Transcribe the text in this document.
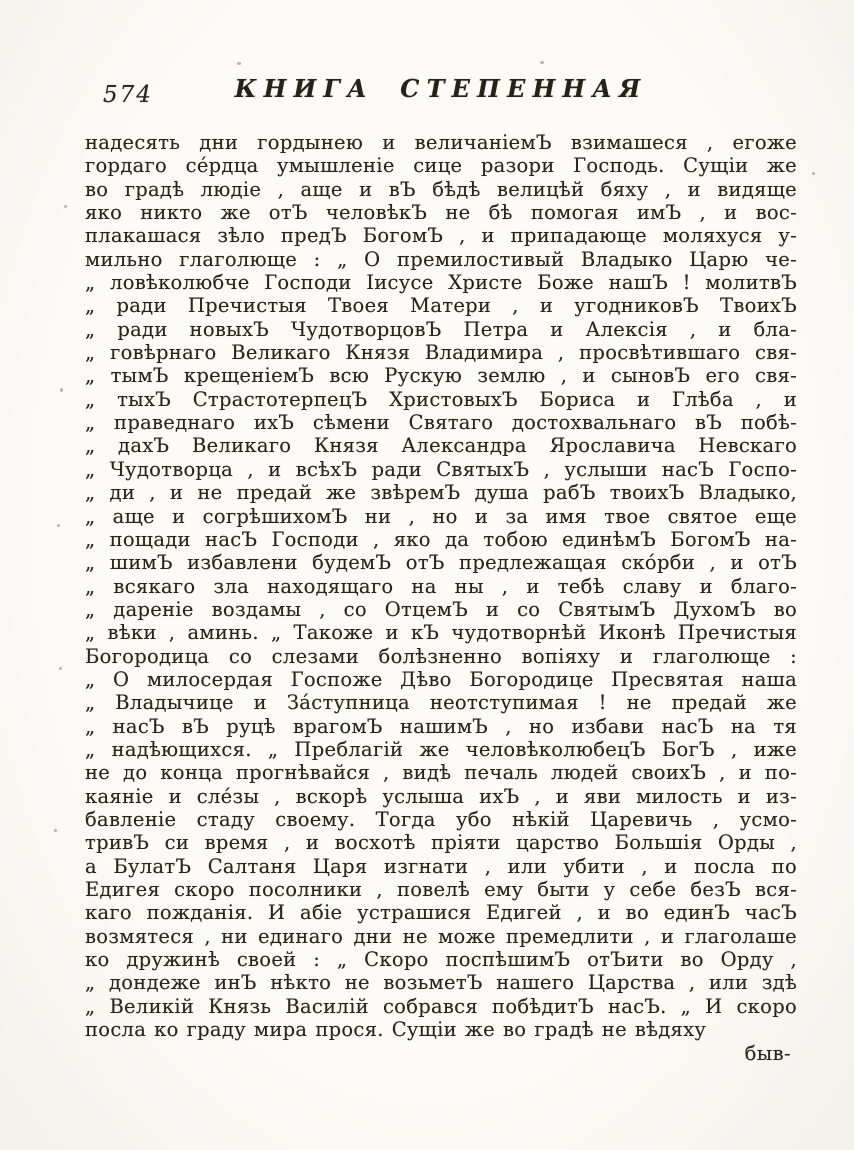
574	КНИГА СТЕПЕННАЯ
надесять дни гордынею и величаніемЪ взимашеся , егоже
гордаго се́рдца умышленіе сице разори Господь. Сущіи же
во градѣ людіе , аще и вЪ бѣдѣ велицѣй бяху , и видяще
яко никто же отЪ человѣкЪ не бѣ помогая имЪ , и вос-
плакашася зѣло предЪ БогомЪ , и припадающе моляхуся у-
мильно глаголюще : „ О премилостивый Владыко Царю че-
„ ловѣколюбче Господи Іисусе Христе Боже нашЪ ! молитвЪ
„ ради Пречистыя Твоея Матери , и угодниковЪ ТвоихЪ
„ ради новыхЪ ЧудотворцовЪ Петра и Алексія , и бла-
„ говѣрнаго Великаго Князя Владимира , просвѣтившаго свя-
„ тымЪ крещеніемЪ всю Рускую землю , и сыновЪ его свя-
„ тыхЪ СтрастотерпецЪ ХристовыхЪ Бориса и Глѣба , и
„ праведнаго ихЪ сѣмени Святаго достохвальнаго вЪ побѣ-
„ дахЪ Великаго Князя Александра Ярославича Невскаго
„ Чудотворца , и всѣхЪ ради СвятыхЪ , услыши насЪ Госпо-
„ ди , и не предай же звѣремЪ душа рабЪ твоихЪ Владыко,
„ аще и согрѣшихомЪ ни , но и за имя твое святое еще
„ пощади насЪ Господи , яко да тобою единѣмЪ БогомЪ на-
„ шимЪ избавлени будемЪ отЪ предлежащая ско́рби , и отЪ
„ всякаго зла находящаго на ны , и тебѣ славу и благо-
„ дареніе воздамы , со ОтцемЪ и со СвятымЪ ДухомЪ во
„ вѣки , аминь. „ Такоже и кЪ чудотворнѣй Иконѣ Пречистыя
Богородица со слезами болѣзненно вопіяху и глаголюще :
„ О милосердая Госпоже Дѣво Богородице Пресвятая наша
„ Владычице и За́ступница неотступимая ! не предай же
„ насЪ вЪ руцѣ врагомЪ нашимЪ , но избави насЪ на тя
„ надѣющихся. „ Преблагій же человѣколюбецЪ БогЪ , иже
не до конца прогнѣвайся , видѣ печаль людей своихЪ , и по-
каяніе и сле́зы , вскорѣ услыша ихЪ , и яви милость и из-
бавленіе стаду своему. Тогда убо нѣкій Царевичь , усмо-
тривЪ си время , и восхотѣ пріяти царство Большія Орды ,
а БулатЪ Салтаня Царя изгнати , или убити , и посла по
Едигея скоро посолники , повелѣ ему быти у себе безЪ вся-
каго пожданія. И абіе устрашися Едигей , и во единЪ часЪ
возмятеся , ни единаго дни не може премедлити , и глаголаше
ко дружинѣ своей : „ Скоро поспѣшимЪ отЪити во Орду ,
„ дондеже инЪ нѣкто не возьметЪ нашего Царства , или здѣ
„ Великій Князь Василій собрався побѣдитЪ насЪ. „ И скоро
посла ко граду мира прося. Сущіи же во градѣ не вѣдяху
быв-
